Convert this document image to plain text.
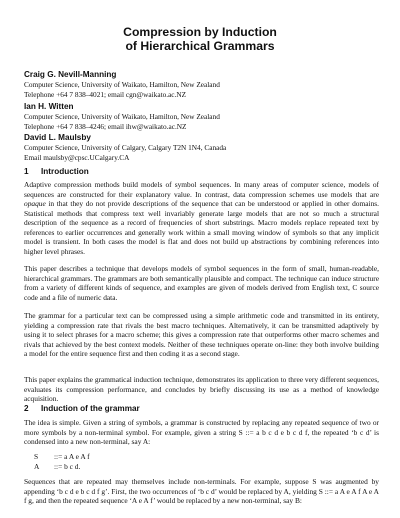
Compression by Induction
of Hierarchical Grammars
Craig G. Nevill-Manning
Computer Science, University of Waikato, Hamilton, New Zealand
Telephone +64 7 838–4021; email cgn@waikato.ac.NZ
Ian H. Witten
Computer Science, University of Waikato, Hamilton, New Zealand
Telephone +64 7 838–4246; email ihw@waikato.ac.NZ
David L. Maulsby
Computer Science, University of Calgary, Calgary T2N 1N4, Canada
Email maulsby@cpsc.UCalgary.CA
1 Introduction
Adaptive compression methods build models of symbol sequences. In many areas of computer science, models of sequences are constructed for their explanatory value. In contrast, data compression schemes use models that are opaque in that they do not provide descriptions of the sequence that can be understood or applied in other domains. Statistical methods that compress text well invariably generate large models that are not so much a structural description of the sequence as a record of frequencies of short substrings. Macro models replace repeated text by references to earlier occurrences and generally work within a small moving window of symbols so that any implicit model is transient. In both cases the model is flat and does not build up abstractions by combining references into higher level phrases.
This paper describes a technique that develops models of symbol sequences in the form of small, human-readable, hierarchical grammars. The grammars are both semantically plausible and compact. The technique can induce structure from a variety of different kinds of sequence, and examples are given of models derived from English text, C source code and a file of numeric data.
The grammar for a particular text can be compressed using a simple arithmetic code and transmitted in its entirety, yielding a compression rate that rivals the best macro techniques. Alternatively, it can be transmitted adaptively by using it to select phrases for a macro scheme; this gives a compression rate that outperforms other macro schemes and rivals that achieved by the best context models. Neither of these techniques operate on-line: they both involve building a model for the entire sequence first and then coding it as a second stage.
This paper explains the grammatical induction technique, demonstrates its application to three very different sequences, evaluates its compression performance, and concludes by briefly discussing its use as a method of knowledge acquisition.
2 Induction of the grammar
The idea is simple. Given a string of symbols, a grammar is constructed by replacing any repeated sequence of two or more symbols by a non-terminal symbol. For example, given a string S ::= a b c d e b c d f, the repeated ‘b c d’ is condensed into a new non-terminal, say A:
S ::= a A e A f
A ::= b c d.
Sequences that are repeated may themselves include non-terminals. For example, suppose S was augmented by appending ‘b c d e b c d f g’. First, the two occurrences of ‘b c d’ would be replaced by A, yielding S ::= a A e A f A e A f g, and then the repeated sequence ‘A e A f’ would be replaced by a new non-terminal, say B:
